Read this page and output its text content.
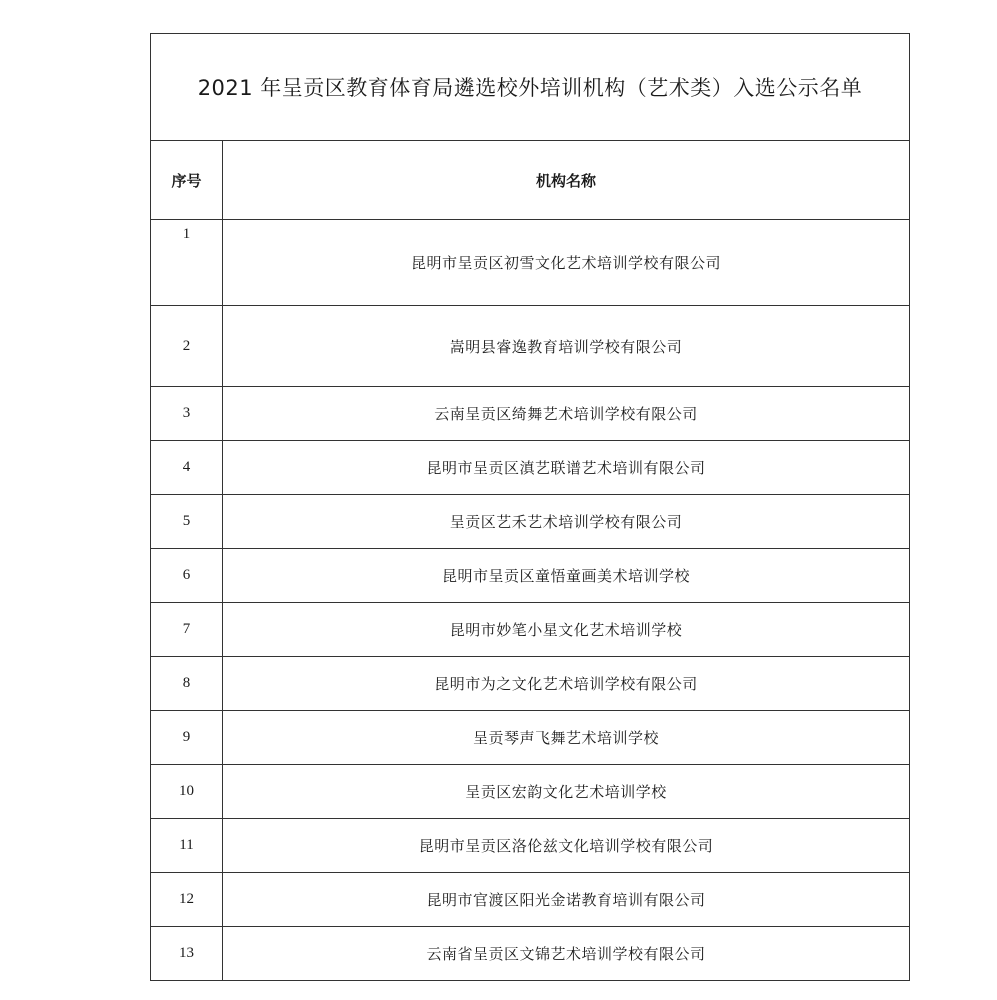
2021 年呈贡区教育体育局遴选校外培训机构（艺术类）入选公示名单	
序号	机构名称
1	昆明市呈贡区初雪文化艺术培训学校有限公司
2	嵩明县睿逸教育培训学校有限公司
3	云南呈贡区绮舞艺术培训学校有限公司
4	昆明市呈贡区滇艺联谱艺术培训有限公司
5	呈贡区艺禾艺术培训学校有限公司
6	昆明市呈贡区童悟童画美术培训学校
7	昆明市妙笔小星文化艺术培训学校
8	昆明市为之文化艺术培训学校有限公司
9	呈贡琴声飞舞艺术培训学校
10	呈贡区宏韵文化艺术培训学校
11	昆明市呈贡区洛伦兹文化培训学校有限公司
12	昆明市官渡区阳光金诺教育培训有限公司
13	云南省呈贡区文锦艺术培训学校有限公司
